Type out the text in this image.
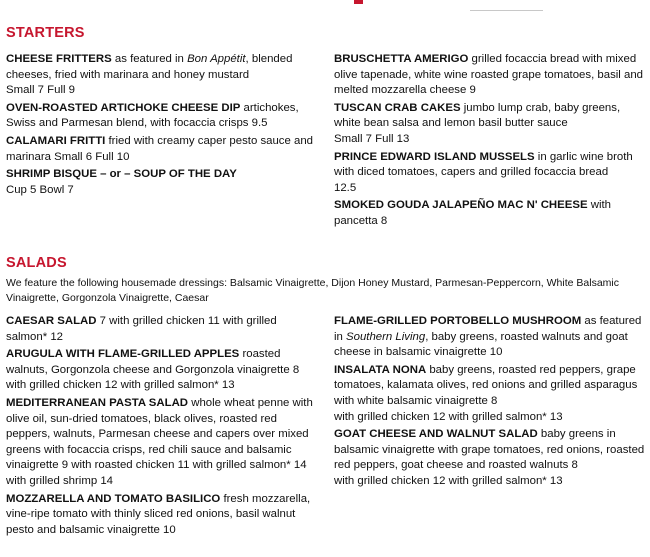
STARTERS

CHEESE FRITTERS as featured in Bon Appétit, blended cheeses, fried with marinara and honey mustard
Small 7 Full 9

OVEN-ROASTED ARTICHOKE CHEESE DIP artichokes, Swiss and Parmesan blend, with focaccia crisps 9.5

CALAMARI FRITTI fried with creamy caper pesto sauce and marinara Small 6 Full 10

SHRIMP BISQUE – or – SOUP OF THE DAY
Cup 5 Bowl 7

BRUSCHETTA AMERIGO grilled focaccia bread with mixed olive tapenade, white wine roasted grape tomatoes, basil and melted mozzarella cheese 9

TUSCAN CRAB CAKES jumbo lump crab, baby greens, white bean salsa and lemon basil butter sauce
Small 7 Full 13

PRINCE EDWARD ISLAND MUSSELS in garlic wine broth with diced tomatoes, capers and grilled focaccia bread
12.5

SMOKED GOUDA JALAPEÑO MAC N' CHEESE with pancetta 8

SALADS

We feature the following housemade dressings: Balsamic Vinaigrette, Dijon Honey Mustard, Parmesan-Peppercorn, White Balsamic Vinaigrette, Gorgonzola Vinaigrette, Caesar

CAESAR SALAD 7 with grilled chicken 11 with grilled salmon* 12

ARUGULA WITH FLAME-GRILLED APPLES roasted walnuts, Gorgonzola cheese and Gorgonzola vinaigrette 8 with grilled chicken 12 with grilled salmon* 13

MEDITERRANEAN PASTA SALAD whole wheat penne with olive oil, sun-dried tomatoes, black olives, roasted red peppers, walnuts, Parmesan cheese and capers over mixed greens with focaccia crisps, red chili sauce and balsamic vinaigrette 9 with roasted chicken 11 with grilled salmon* 14 with grilled shrimp 14

MOZZARELLA AND TOMATO BASILICO fresh mozzarella, vine-ripe tomato with thinly sliced red onions, basil walnut pesto and balsamic vinaigrette 10

FLAME-GRILLED PORTOBELLO MUSHROOM as featured in Southern Living, baby greens, roasted walnuts and goat cheese in balsamic vinaigrette 10

INSALATA NONA baby greens, roasted red peppers, grape tomatoes, kalamata olives, red onions and grilled asparagus with white balsamic vinaigrette 8
with grilled chicken 12 with grilled salmon* 13

GOAT CHEESE AND WALNUT SALAD baby greens in balsamic vinaigrette with grape tomatoes, red onions, roasted red peppers, goat cheese and roasted walnuts 8
with grilled chicken 12 with grilled salmon* 13
